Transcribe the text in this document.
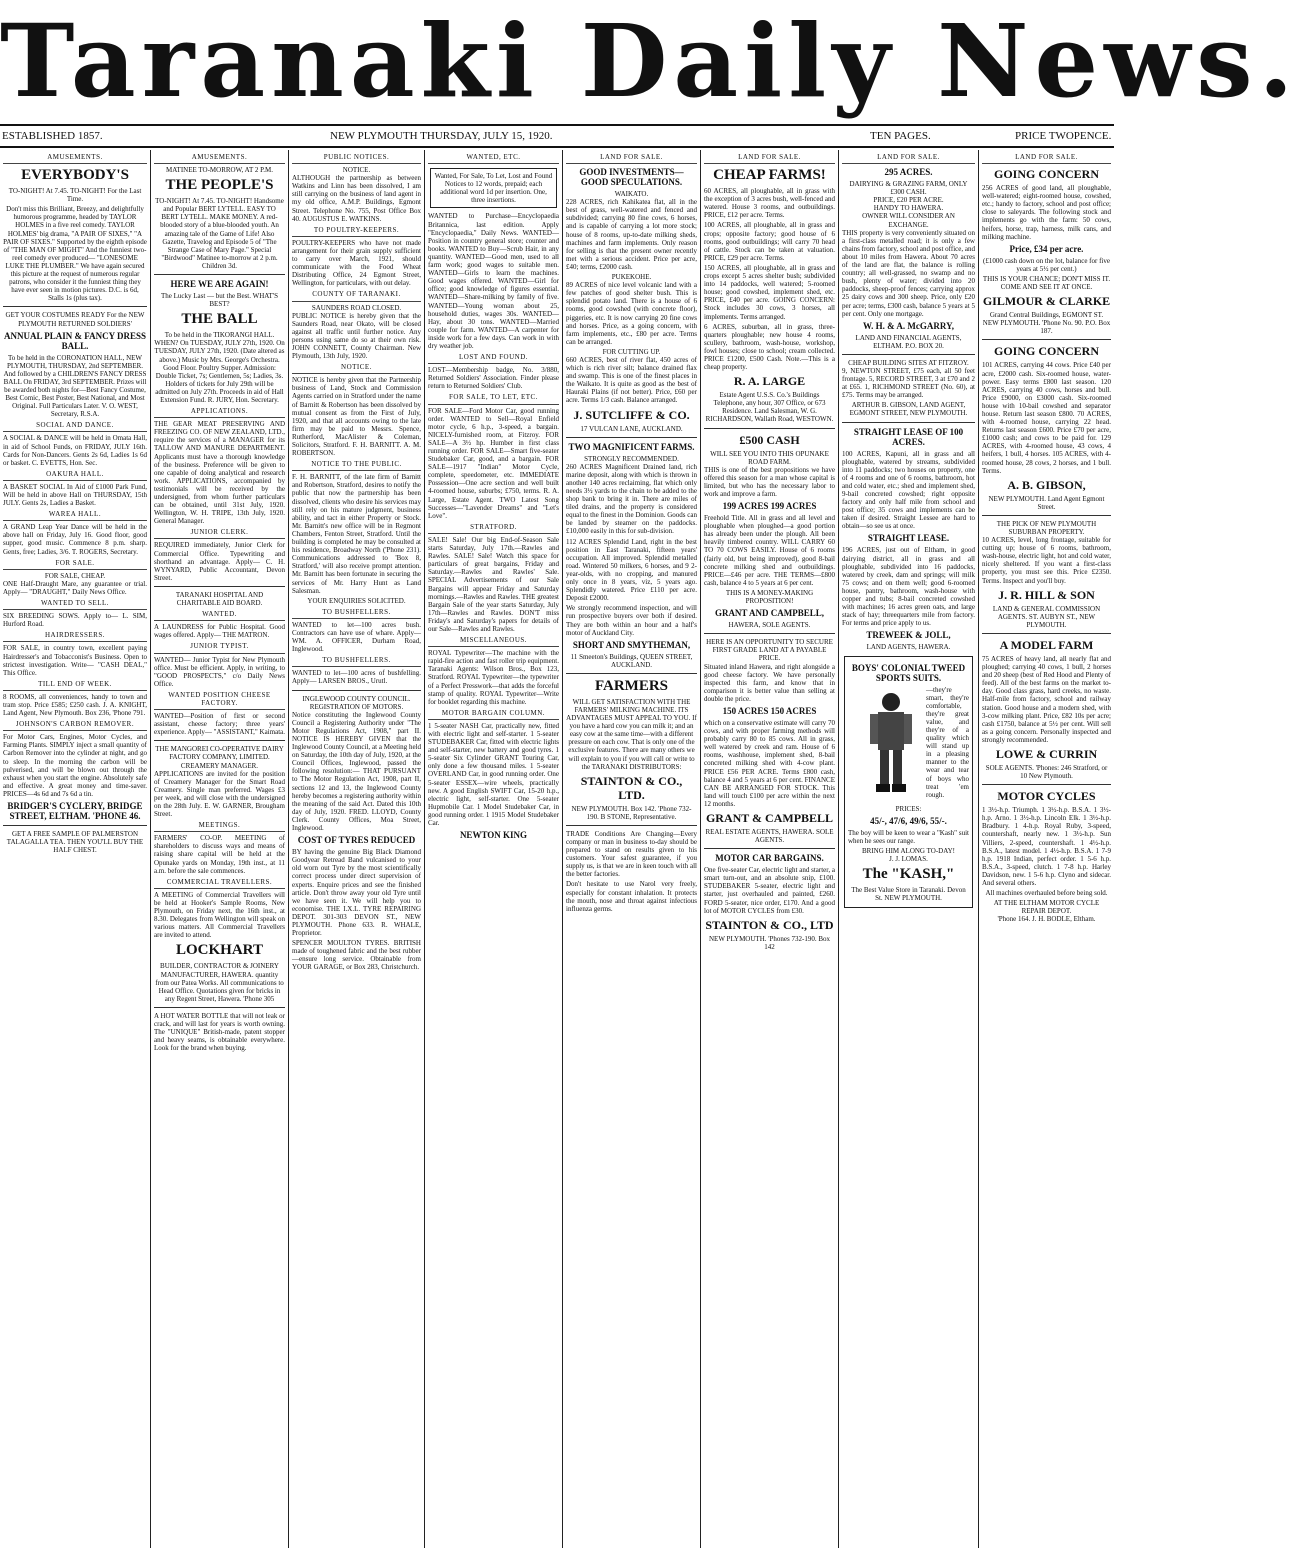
Taranaki Daily News.
ESTABLISHED 1857.	NEW PLYMOUTH THURSDAY, JULY 15, 1920.	TEN PAGES.	PRICE TWOPENCE.
AMUSEMENTS.
EVERYBODY'S

TO-NIGHT! At 7.45. TO-NIGHT! For the Last Time.

Don't miss this Brilliant, Breezy, and delightfully humorous programme, headed by TAYLOR HOLMES in a five reel comedy. TAYLOR HOLMES' big drama, "A PAIR OF SIXES," "A PAIR OF SIXES." Supported by the eighth episode of "THE MAN OF MIGHT" And the funniest two-reel comedy ever produced— "LONESOME LUKE THE PLUMBER." We have again secured this picture at the request of numerous regular patrons, who consider it the funniest thing they have ever seen in motion pictures. D.C. is 6d, Stalls 1s (plus tax).

GET YOUR COSTUMES READY For the NEW PLYMOUTH RETURNED SOLDIERS'

ANNUAL PLAIN & FANCY DRESS BALL.

To be held in the CORONATION HALL, NEW PLYMOUTH, THURSDAY, 2nd SEPTEMBER. And followed by a CHILDREN'S FANCY DRESS BALL On FRIDAY, 3rd SEPTEMBER. Prizes will be awarded both nights for—Best Fancy Costume, Best Comic, Best Poster, Best National, and Most Original. Full Particulars Later. V. O. WEST, Secretary, R.S.A.

SOCIAL AND DANCE.

A SOCIAL & DANCE will be held in Omata Hall, in aid of School Funds, on FRIDAY, JULY 16th. Cards for Non-Dancers. Gents 2s 6d, Ladies 1s 6d or basket. C. EVETTS, Hon. Sec.

OAKURA HALL.

A BASKET SOCIAL In Aid of £1000 Park Fund, Will be held in above Hall on THURSDAY, 15th JULY. Gents 2s, Ladies a Basket.

WAREA HALL.

A GRAND Leap Year Dance will be held in the above hall on Friday, July 16. Good floor, good supper, good music. Commence 8 p.m. sharp. Gents, free; Ladies, 3/6. T. ROGERS, Secretary.

FOR SALE.
FOR SALE, CHEAP.

ONE Half-Draught Mare, any guarantee or trial. Apply— "DRAUGHT," Daily News Office.

WANTED TO SELL.

SIX BREEDING SOWS. Apply to— L. SIM, Hurford Road.

HAIRDRESSERS.

FOR SALE, in country town, excellent paying Hairdresser's and Tobacconist's Business. Open to strictest investigation. Write— "CASH DEAL," This Office.

TILL END OF WEEK.

8 ROOMS, all conveniences, handy to town and tram stop. Price £585; £250 cash. J. A. KNIGHT, Land Agent, New Plymouth. Box 236, 'Phone 791.

JOHNSON'S CARBON REMOVER.

For Motor Cars, Engines, Motor Cycles, and Farming Plants. SIMPLY inject a small quantity of Carbon Remover into the cylinder at night, and go to sleep. In the morning the carbon will be pulverised, and will be blown out through the exhaust when you start the engine. Absolutely safe and effective. A great money and time-saver. PRICES—4s 6d and 7s 6d a tin.

BRIDGER'S CYCLERY, BRIDGE STREET, ELTHAM. 'PHONE 46.

GET A FREE SAMPLE OF PALMERSTON TALAGALLA TEA. THEN YOU'LL BUY THE HALF CHEST.

AMUSEMENTS.
MATINEE TO-MORROW, AT 2 P.M.
THE PEOPLE'S

TO-NIGHT! At 7.45. TO-NIGHT! Handsome and Popular BERT LYTELL. EASY TO BERT LYTELL. MAKE MONEY. A red-blooded story of a blue-blooded youth. An amazing tale of the Game of Life! Also Gazette, Travelog and Episode 5 of "The Strange Case of Mary Page." Special "Birdwood" Matinee to-morrow at 2 p.m. Children 3d.

HERE WE ARE AGAIN!

The Lucky Last — but the Best. WHAT'S BEST?

THE BALL

To be held in the TIKORANGI HALL. WHEN? On TUESDAY, JULY 27th, 1920. On TUESDAY, JULY 27th, 1920. (Date altered as above.) Music by Mrs. George's Orchestra. Good Floor. Poultry Supper. Admission: Double Ticket, 7s; Gentlemen, 5s; Ladies, 3s. Holders of tickets for July 29th will be admitted on July 27th. Proceeds in aid of Hall Extension Fund. R. JURY, Hon. Secretary.

APPLICATIONS.

THE GEAR MEAT PRESERVING AND FREEZING CO. OF NEW ZEALAND, LTD., require the services of a MANAGER for its TALLOW AND MANURE DEPARTMENT. Applicants must have a thorough knowledge of the business. Preference will be given to one capable of doing analytical and research work. APPLICATIONS, accompanied by testimonials will be received by the undersigned, from whom further particulars can be obtained, until 31st July, 1920. Wellington, W. H. TRIPE, 13th July, 1920. General Manager.

JUNIOR CLERK.

REQUIRED immediately, Junior Clerk for Commercial Office. Typewriting and shorthand an advantage. Apply— C. H. WYNYARD, Public Accountant, Devon Street.

TARANAKI HOSPITAL AND CHARITABLE AID BOARD.
WANTED.

A LAUNDRESS for Public Hospital. Good wages offered. Apply— THE MATRON.

JUNIOR TYPIST.

WANTED— Junior Typist for New Plymouth office. Must be efficient. Apply, in writing, to "GOOD PROSPECTS," c/o Daily News Office.

WANTED POSITION CHEESE FACTORY.

WANTED—Position of first or second assistant, cheese factory; three years' experience. Apply— "ASSISTANT," Kaimata.

THE MANGOREI CO-OPERATIVE DAIRY FACTORY COMPANY, LIMITED. CREAMERY MANAGER.

APPLICATIONS are invited for the position of Creamery Manager for the Smart Road Creamery. Single man preferred. Wages £3 per week, and will close with the undersigned on the 28th July. E. W. GARNER, Brougham Street.

MEETINGS.

FARMERS' CO-OP. MEETING of shareholders to discuss ways and means of raising share capital will be held at the Opunake yards on Monday, 19th inst., at 11 a.m. before the sale commences.

COMMERCIAL TRAVELLERS.

A MEETING of Commercial Travellers will be held at Hooker's Sample Rooms, New Plymouth, on Friday next, the 16th inst., at 8.30. Delegates from Wellington will speak on various matters. All Commercial Travellers are invited to attend.

LOCKHART

BUILDER, CONTRACTOR & JOINERY MANUFACTURER, HAWERA. quantity from our Patea Works. All communications to Head Office. Quotations given for bricks in any Regent Street, Hawera. 'Phone 305

A HOT WATER BOTTLE that will not leak or crack, and will last for years is worth owning. The "UNIQUE" British-made, patent stopper and heavy seams, is obtainable everywhere. Look for the brand when buying.

PUBLIC NOTICES.
NOTICE.

ALTHOUGH the partnership as between Watkins and Linn has been dissolved, I am still carrying on the business of land agent in my old office, A.M.P. Buildings, Egmont Street. Telephone No. 755, Post Office Box 40. AUGUSTUS E. WATKINS.

TO POULTRY-KEEPERS.

POULTRY-KEEPERS who have not made arrangement for their grain supply sufficient to carry over March, 1921, should communicate with the Food Wheat Distributing Office, 24 Egmont Street, Wellington, for particulars, with out delay.

COUNTY OF TARANAKI.
SAUNDERS ROAD CLOSED.

PUBLIC NOTICE is hereby given that the Saunders Road, near Okato, will be closed against all traffic until further notice. Any persons using same do so at their own risk. JOHN CONNETT, County Chairman. New Plymouth, 13th July, 1920.

NOTICE.

NOTICE is hereby given that the Partnership business of Land, Stock and Commission Agents carried on in Stratford under the name of Barnitt & Robertson has been dissolved by mutual consent as from the First of July, 1920, and that all accounts owing to the late firm may be paid to Messrs. Spence, Rutherford, MacAlister & Coleman, Solicitors, Stratford. F. H. BARNITT. A. M. ROBERTSON.

NOTICE TO THE PUBLIC.

F. H. BARNITT, of the late firm of Barnitt and Robertson, Stratford, desires to notify the public that now the partnership has been dissolved, clients who desire his services may still rely on his mature judgment, business ability, and tact in either Property or Stock. Mr. Barnitt's new office will be in Regmont Chambers, Fenton Street, Stratford. Until the building is completed he may be consulted at his residence, Broadway North ('Phone 231). Communications addressed to 'Box 8, Stratford,' will also receive prompt attention. Mr. Barnitt has been fortunate in securing the services of Mr. Harry Hunt as Land Salesman.

YOUR ENQUIRIES SOLICITED.
TO BUSHFELLERS.

WANTED to let—100 acres bush. Contractors can have use of whare. Apply— WM. A. OFFICER, Durham Road, Inglewood.

TO BUSHFELLERS.

WANTED to let—100 acres of bushfelling. Apply— LARSEN BROS., Urutl.

INGLEWOOD COUNTY COUNCIL. REGISTRATION OF MOTORS.

Notice constituting the Inglewood County Council a Registering Authority under "The Motor Regulations Act, 1908," part II. NOTICE IS HEREBY GIVEN that the Inglewood County Council, at a Meeting held on Saturday, the 10th day of July, 1920, at the Council Offices, Inglewood, passed the following resolution:— THAT PURSUANT to The Motor Regulation Act, 1908, part II, sections 12 and 13, the Inglewood County hereby becomes a registering authority within the meaning of the said Act. Dated this 10th day of July, 1920. FRED. LLOYD, County Clerk. County Offices, Moa Street, Inglewood.

COST OF TYRES REDUCED

BY having the genuine Big Black Diamond Goodyear Retread Band vulcanised to your old worn out Tyre by the most scientifically correct process under direct supervision of experts. Enquire prices and see the finished article. Don't throw away your old Tyre until we have seen it. We will help you to economise. THE I.X.L. TYRE REPAIRING DEPOT. 301-303 DEVON ST., NEW PLYMOUTH. Phone 633. R. WHALE, Proprietor.

SPENCER MOULTON TYRES. BRITISH made of toughened fabric and the best rubber—ensure long service. Obtainable from YOUR GARAGE, or Box 283, Christchurch.

WANTED, ETC.
Wanted, For Sale, To Let, Lost and Found Notices to 12 words, prepaid; each additional word 1d per insertion. One, three insertions.

WANTED to Purchase—Encyclopaedia Britannica, last edition. Apply "Encyclopaedia," Daily News. WANTED—Position in country general store; counter and books. WANTED to Buy—Scrub Hair, in any quantity. WANTED—Good men, used to all farm work; good wages to suitable men. WANTED—Girls to learn the machines. Good wages offered. WANTED—Girl for office; good knowledge of figures essential. WANTED—Share-milking by family of five. WANTED—Young woman about 25, household duties, wages 30s. WANTED—Hay, about 30 tons. WANTED—Married couple for farm. WANTED—A carpenter for inside work for a few days. Can work in with dry weather job.

LOST AND FOUND.

LOST—Membership badge, No. 3/880, Returned Soldiers' Association. Finder please return to Returned Soldiers' Club.

FOR SALE, TO LET, ETC.

FOR SALE—Ford Motor Car, good running order. WANTED to Sell—Royal Enfield motor cycle, 6 h.p., 3-speed, a bargain. NICELY-furnished room, at Fitzroy. FOR SALE—A 3½ hp. Humber in first class running order. FOR SALE—Smart five-seater Studebaker Car, good, and a bargain. FOR SALE—1917 "Indian" Motor Cycle, complete, speedometer, etc. IMMEDIATE Possession—One acre section and well built 4-roomed house, suburbs; £750, terms. R. A. Large, Estate Agent. TWO Latest Song Successes—"Lavender Dreams" and "Let's Love".

STRATFORD.

SALE! Sale! Our big End-of-Season Sale starts Saturday, July 17th.—Rawles and Rawles. SALE! Sale! Watch this space for particulars of great bargains, Friday and Saturday.—Rawles and Rawles' Sale. SPECIAL Advertisements of our Sale Bargains will appear Friday and Saturday mornings.—Rawles and Rawles. THE greatest Bargain Sale of the year starts Saturday, July 17th—Rawles and Rawles. DON'T miss Friday's and Saturday's papers for details of our Sale—Rawles and Rawles.

MISCELLANEOUS.

ROYAL Typewriter—The machine with the rapid-fire action and fast roller trip equipment. Taranaki Agents: Wilson Bros., Box 123, Stratford. ROYAL Typewriter—the typewriter of a Perfect Presswork—that adds the forceful stamp of quality. ROYAL Typewriter—Write for booklet regarding this machine.

MOTOR BARGAIN COLUMN.

1 5-seater NASH Car, practically new, fitted with electric light and self-starter. 1 5-seater STUDEBAKER Car, fitted with electric lights and self-starter, new battery and good tyres. 1 5-seater Six Cylinder GRANT Touring Car, only done a few thousand miles. 1 5-seater OVERLAND Car, in good running order. One 5-seater ESSEX—wire wheels, practically new. A good English SWIFT Car, 15-20 h.p., electric light, self-starter. One 5-seater Hupmobile Car. 1 Model Studebaker Car, in good running order. 1 1915 Model Studebaker Car.

NEWTON KING
LAND FOR SALE.
GOOD INVESTMENTS—GOOD SPECULATIONS.
WAIKATO.

228 ACRES, rich Kahikatea flat, all in the best of grass, well-watered and fenced and subdivided; carrying 80 fine cows, 6 horses, and is capable of carrying a lot more stock; house of 8 rooms, up-to-date milking sheds, machines and farm implements. Only reason for selling is that the present owner recently met with a serious accident. Price per acre, £40; terms, £2000 cash.

PUKEKOHE.

89 ACRES of nice level volcanic land with a few patches of good shelter bush. This is splendid potato land. There is a house of 6 rooms, good cowshed (with concrete floor), piggeries, etc. It is now carrying 20 fine cows and horses. Price, as a going concern, with farm implements, etc., £80 per acre. Terms can be arranged.

FOR CUTTING UP.

660 ACRES, best of river flat, 450 acres of which is rich river silt; balance drained flax and swamp. This is one of the finest places in the Waikato. It is quite as good as the best of Hauraki Plains (if not better). Price, £60 per acre. Terms 1/3 cash. Balance arranged.

J. SUTCLIFFE & CO.

17 VULCAN LANE, AUCKLAND.

TWO MAGNIFICENT FARMS.
STRONGLY RECOMMENDED.

260 ACRES Magnificent Drained land, rich marine deposit, along with which is thrown in another 140 acres reclaiming, flat which only needs 3½ yards to the chain to be added to the shop bank to bring it in. There are miles of tiled drains, and the property is considered equal to the finest in the Dominion. Goods can be landed by steamer on the paddocks. £10,000 easily in this for sub-division.

112 ACRES Splendid Land, right in the best position in East Taranaki, fifteen years' occupation. All improved. Splendid metalled road. Wintered 50 milkers, 6 horses, and 9 2-year-olds, with no cropping, and manured only once in 8 years, viz, 5 years ago. Splendidly watered. Price £110 per acre. Deposit £2000.

We strongly recommend inspection, and will run prospective buyers over both if desired. They are both within an hour and a half's motor of Auckland City.

SHORT AND SMYTHEMAN,

11 Smeeton's Buildings, QUEEN STREET, AUCKLAND.

FARMERS

WILL GET SATISFACTION WITH THE FARMERS' MILKING MACHINE. ITS ADVANTAGES MUST APPEAL TO YOU. If you have a hard cow you can milk it; and an easy cow at the same time—with a different pressure on each cow. That is only one of the exclusive features. There are many others we will explain to you if you will call or write to the TARANAKI DISTRIBUTORS:

STAINTON & CO., LTD.

NEW PLYMOUTH. Box 142. 'Phone 732-190. B STONE, Representative.

TRADE Conditions Are Changing—Every company or man in business to-day should be prepared to stand on results given to his customers. Your safest guarantee, if you supply us, is that we are in keen touch with all the better factories.

Don't hesitate to use Narol very freely, especially for constant inhalation. It protects the mouth, nose and throat against infectious influenza germs.

LAND FOR SALE.
CHEAP FARMS!

60 ACRES, all ploughable, all in grass with the exception of 3 acres bush, well-fenced and watered. House 3 rooms, and outbuildings. PRICE, £12 per acre. Terms.

100 ACRES, all ploughable, all in grass and crops; opposite factory; good house of 6 rooms, good outbuildings; will carry 70 head of cattle. Stock can be taken at valuation. PRICE, £29 per acre. Terms.

150 ACRES, all ploughable, all in grass and crops except 5 acres shelter bush; subdivided into 14 paddocks, well watered; 5-roomed house; good cowshed, implement shed, etc. PRICE, £40 per acre. GOING CONCERN: Stock includes 30 cows, 3 horses, all implements. Terms arranged.

6 ACRES, suburban, all in grass, three-quarters ploughable; new house 4 rooms, scullery, bathroom, wash-house, workshop, fowl houses; close to school; cream collected. PRICE £1200, £500 Cash. Note.—This is a cheap property.

R. A. LARGE

Estate Agent U.S.S. Co.'s Buildings Telephone, any hour, 307 Office, or 673 Residence. Land Salesman, W. G. RICHARDSON, Wallath Road, WESTOWN.

£500 CASH
WILL SEE YOU INTO THIS OPUNAKE ROAD FARM.

THIS is one of the best propositions we have offered this season for a man whose capital is limited, but who has the necessary labor to work and improve a farm.

199 ACRES 199 ACRES

Freehold Title. All in grass and all level and ploughable when ploughed—a good portion has already been under the plough. All been heavily timbered country. WILL CARRY 60 TO 70 COWS EASILY. House of 6 rooms (fairly old, but being improved), good 8-bail concrete milking shed and outbuildings. PRICE—£46 per acre. THE TERMS—£800 cash, balance 4 to 5 years at 6 per cent.

THIS IS A MONEY-MAKING PROPOSITION!
GRANT AND CAMPBELL,

HAWERA, SOLE AGENTS.

HERE IS AN OPPORTUNITY TO SECURE FIRST GRADE LAND AT A PAYABLE PRICE.

Situated inland Hawera, and right alongside a good cheese factory. We have personally inspected this farm, and know that in comparison it is better value than selling at double the price.

150 ACRES 150 ACRES

which on a conservative estimate will carry 70 cows, and with proper farming methods will probably carry 80 to 85 cows. All in grass, well watered by creek and ram. House of 6 rooms, washhouse, implement shed, 8-bail concreted milking shed with 4-cow plant. PRICE £56 PER ACRE. Terms £800 cash, balance 4 and 5 years at 6 per cent. FINANCE CAN BE ARRANGED FOR STOCK. This land will touch £100 per acre within the next 12 months.

GRANT & CAMPBELL

REAL ESTATE AGENTS, HAWERA. SOLE AGENTS.

MOTOR CAR BARGAINS.

One five-seater Car, electric light and starter, a smart turn-out, and an absolute snip, £100. STUDEBAKER 5-seater, electric light and starter, just overhauled and painted, £260. FORD 5-seater, nice order, £170. And a good lot of MOTOR CYCLES from £30.

STAINTON & CO., LTD

NEW PLYMOUTH. 'Phones 732-190. Box 142

LAND FOR SALE.
295 ACRES.
DAIRYING & GRAZING FARM, ONLY £300 CASH.
PRICE, £20 PER ACRE.
HANDY TO HAWERA.
OWNER WILL CONSIDER AN EXCHANGE.

THIS property is very conveniently situated on a first-class metalled road; it is only a few chains from factory, school and post office, and about 10 miles from Hawera. About 70 acres of the land are flat, the balance is rolling country; all well-grassed, no swamp and no bush, plenty of water; divided into 20 paddocks, sheep-proof fences; carrying approx 25 dairy cows and 300 sheep. Price, only £20 per acre; terms, £300 cash, balance 5 years at 5 per cent. Only one mortgage.

W. H. & A. McGARRY,

LAND AND FINANCIAL AGENTS, ELTHAM. P.O. BOX 20.

CHEAP BUILDING SITES AT FITZROY.

9, NEWTON STREET, £75 each, all 50 feet frontage. 5, RECORD STREET, 3 at £70 and 2 at £65. 1, RICHMOND STREET (No. 60), at £75. Terms may be arranged.

ARTHUR B. GIBSON, LAND AGENT, EGMONT STREET, NEW PLYMOUTH.

STRAIGHT LEASE OF 100 ACRES.

100 ACRES, Kapuni, all in grass and all ploughable, watered by streams, subdivided into 11 paddocks; two houses on property, one of 4 rooms and one of 6 rooms, bathroom, hot and cold water, etc.; shed and implement shed, 9-bail concreted cowshed; right opposite factory and only half mile from school and post office; 35 cows and implements can be taken if desired. Straight Lessee are hard to obtain—so see us at once.

STRAIGHT LEASE.

196 ACRES, just out of Eltham, in good dairying district, all in grass and all ploughable, subdivided into 16 paddocks, watered by creek, dam and springs; will milk 75 cows; and on them well; good 6-roomed house, pantry, bathroom, wash-house with copper and tubs; 8-bail concreted cowshed with machines; 16 acres green oats, and large stack of hay; threequarters mile from factory. For terms and price apply to us.

TREWEEK & JOLL,

LAND AGENTS, HAWERA.

BOYS' COLONIAL TWEED SPORTS SUITS.

—they're smart, they're comfortable, they're great value, and they're of a quality which will stand up in a pleasing manner to the wear and tear of boys who treat 'em rough.

PRICES:
45/-, 47/6, 49/6, 55/-.

The boy will be keen to wear a "Kash" suit when he sees our range.

BRING HIM ALONG TO-DAY!
J. J. LOMAS.
The "KASH,"

The Best Value Store in Taranaki. Devon St. NEW PLYMOUTH.

LAND FOR SALE.
GOING CONCERN

256 ACRES of good land, all ploughable, well-watered; eight-roomed house, cowshed, etc.; handy to factory, school and post office; close to saleyards. The following stock and implements go with the farm: 50 cows, heifers, horse, trap, harness, milk cans, and milking machine.

Price, £34 per acre.

(£1000 cash down on the lot, balance for five years at 5½ per cent.)

THIS IS YOUR CHANCE; DON'T MISS IT.
COME AND SEE IT AT ONCE.
GILMOUR & CLARKE

Grand Central Buildings, EGMONT ST. NEW PLYMOUTH. 'Phone No. 90. P.O. Box 187.

GOING CONCERN

101 ACRES, carrying 44 cows. Price £40 per acre, £2000 cash. Six-roomed house, water-power. Easy terms £800 last season. 120 ACRES, carrying 40 cows, horses and bull. Price £9000, on £3000 cash. Six-roomed house with 10-bail cowshed and separator house. Return last season £800. 70 ACRES, with 4-roomed house, carrying 22 head. Returns last season £600. Price £70 per acre, £1000 cash; and cows to be paid for. 129 ACRES, with 4-roomed house, 43 cows, 4 heifers, 1 bull, 4 horses. 105 ACRES, with 4-roomed house, 28 cows, 2 horses, and 1 bull. Terms.

A. B. GIBSON,

NEW PLYMOUTH. Land Agent Egmont Street.

THE PICK OF NEW PLYMOUTH SUBURBAN PROPERTY.

10 ACRES, level, long frontage, suitable for cutting up; house of 6 rooms, bathroom, wash-house, electric light, hot and cold water, nicely sheltered. If you want a first-class property, you must see this. Price £2350. Terms. Inspect and you'll buy.

J. R. HILL & SON

LAND & GENERAL COMMISSION AGENTS. ST. AUBYN ST., NEW PLYMOUTH.

A MODEL FARM

75 ACRES of heavy land, all nearly flat and ploughed; carrying 40 cows, 1 bull, 2 horses and 20 sheep (best of Red Hood and Plenty of feed). All of the best farms on the market to-day. Good class grass, hard creeks, no waste. Half-mile from factory, school and railway station. Good house and a modern shed, with 3-cow milking plant. Price, £82 10s per acre; cash £1750, balance at 5½ per cent. Will sell as a going concern. Personally inspected and strongly recommended.

LOWE & CURRIN

SOLE AGENTS. 'Phones: 246 Stratford, or 10 New Plymouth.

MOTOR CYCLES

1 3½-h.p. Triumph. 1 3½-h.p. B.S.A. 1 3½-h.p. Arno. 1 3½-h.p. Lincoln Elk. 1 3½-h.p. Bradbury. 1 4-h.p. Royal Ruby, 3-speed, countershaft, nearly new. 1 3½-h.p. Sun Villiers, 2-speed, countershaft. 1 4½-h.p. B.S.A., latest model. 1 4½-h.p. B.S.A. 1 7-9 h.p. 1918 Indian, perfect order. 1 5-6 h.p. B.S.A., 3-speed, clutch. 1 7-8 h.p. Harley Davidson, new. 1 5-6 h.p. Clyno and sidecar. And several others.

All machines overhauled before being sold.

AT THE ELTHAM MOTOR CYCLE REPAIR DEPOT.

'Phone 164. J. H. BODLE, Eltham.
